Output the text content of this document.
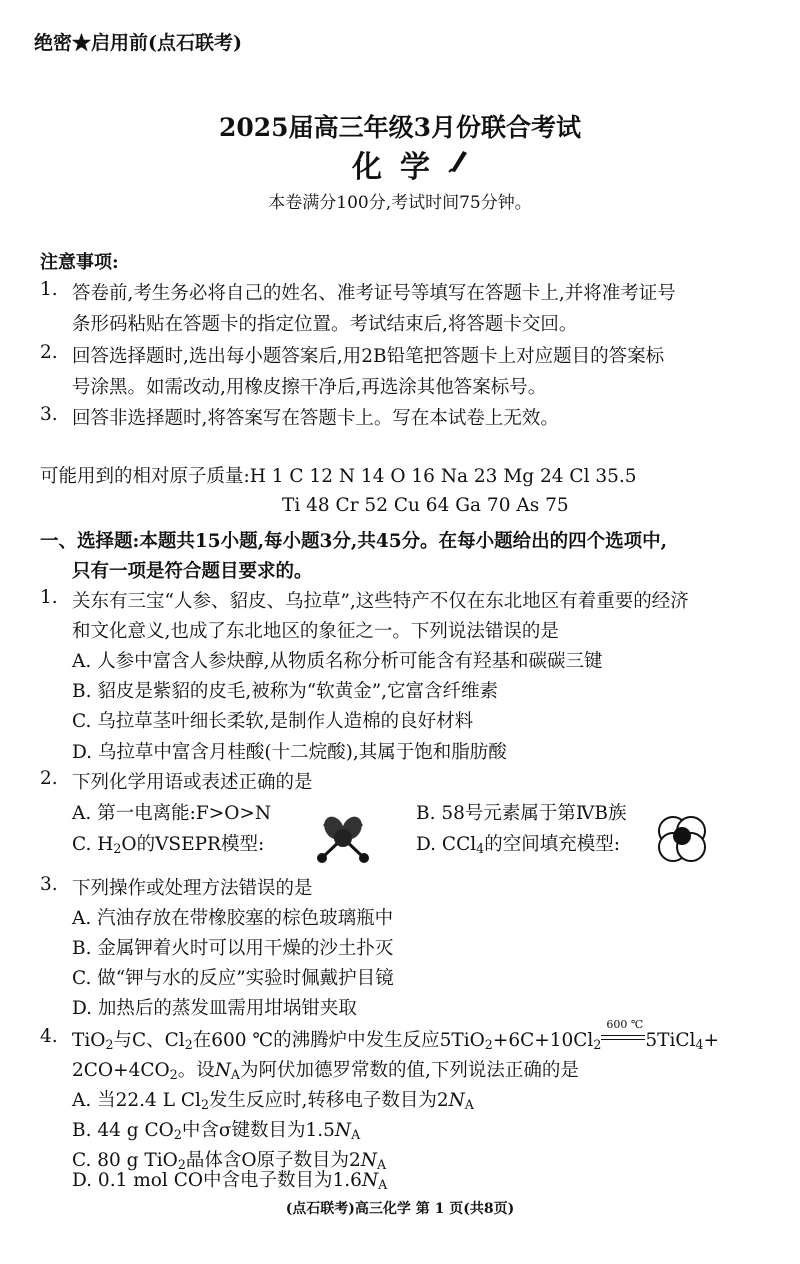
绝密★启用前(点石联考)
2025届高三年级3月份联合考试
化学
本卷满分100分,考试时间75分钟。
注意事项:
1. 答卷前,考生务必将自己的姓名、准考证号等填写在答题卡上,并将准考证号
条形码粘贴在答题卡的指定位置。考试结束后,将答题卡交回。
2. 回答选择题时,选出每小题答案后,用2B铅笔把答题卡上对应题目的答案标
号涂黑。如需改动,用橡皮擦干净后,再选涂其他答案标号。
3. 回答非选择题时,将答案写在答题卡上。写在本试卷上无效。
可能用到的相对原子质量:H 1 C 12 N 14 O 16 Na 23 Mg 24 Cl 35.5
Ti 48 Cr 52 Cu 64 Ga 70 As 75
一、选择题:本题共15小题,每小题3分,共45分。在每小题给出的四个选项中,
只有一项是符合题目要求的。
1. 关东有三宝“人参、貂皮、乌拉草”,这些特产不仅在东北地区有着重要的经济
和文化意义,也成了东北地区的象征之一。下列说法错误的是
A. 人参中富含人参炔醇,从物质名称分析可能含有羟基和碳碳三键
B. 貂皮是紫貂的皮毛,被称为“软黄金”,它富含纤维素
C. 乌拉草茎叶细长柔软,是制作人造棉的良好材料
D. 乌拉草中富含月桂酸(十二烷酸),其属于饱和脂肪酸
2. 下列化学用语或表述正确的是
A. 第一电离能:F>O>N	B. 58号元素属于第ⅣB族
C. $H_2O$的VSEPR模型:	D. CCl$_4$的空间填充模型:
3. 下列操作或处理方法错误的是
A. 汽油存放在带橡胶塞的棕色玻璃瓶中
B. 金属钾着火时可以用干燥的沙土扑灭
C. 做“钾与水的反应”实验时佩戴护目镜
D. 加热后的蒸发皿需用坩埚钳夹取
4. TiO$_2$与C、$Cl_2$在600 ℃的沸腾炉中发生反应$5TiO_2+6C+10Cl_2$
600 ℃
5TiCl$_4$+
$2CO+4CO_2$。设$N_A$为阿伏加德罗常数的值,下列说法正确的是
A. 当22.4 L $Cl_2$发生反应时,转移电子数目为$2N_A$
B. 44 g $CO_2$中含σ键数目为$1.5N_A$
C. 80 g TiO$_2$晶体含O原子数目为$2N_A$
D. 0.1 mol CO中含电子数目为$1.6N_A$
(点石联考)高三化学 第 1 页(共8页)
